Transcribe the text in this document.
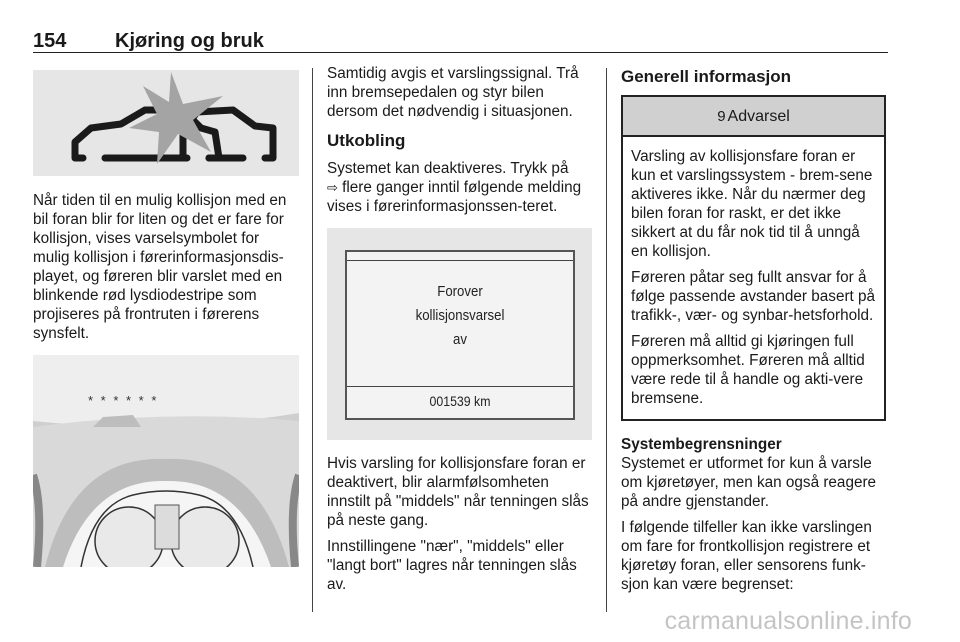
154 Kjøring og bruk

Når tiden til en mulig kollisjon med en bil foran blir for liten og det er fare for kollisjon, vises varselsymbolet for mulig kollisjon i førerinformasjonsdis-playet, og føreren blir varslet med en blinkende rød lysdiodestripe som projiseres på frontruten i førerens synsfelt.

* * * * * *

Samtidig avgis et varslingssignal. Trå inn bremsepedalen og styr bilen dersom det nødvendig i situasjonen.

Utkobling

Systemet kan deaktiveres. Trykk på
⇨ flere ganger inntil følgende melding vises i førerinformasjonssen-teret.

Forover
kollisjonsvarsel
av
001539 km

Hvis varsling for kollisjonsfare foran er deaktivert, blir alarmfølsomheten innstilt på "middels" når tenningen slås på neste gang.

Innstillingene "nær", "middels" eller "langt bort" lagres når tenningen slås av.

Generell informasjon
9 Advarsel

Varsling av kollisjonsfare foran er kun et varslingssystem - brem-sene aktiveres ikke. Når du nærmer deg bilen foran for raskt, er det ikke sikkert at du får nok tid til å unngå en kollisjon.

Føreren påtar seg fullt ansvar for å følge passende avstander basert på trafikk-, vær- og synbar-hetsforhold.

Føreren må alltid gi kjøringen full oppmerksomhet. Føreren må alltid være rede til å handle og akti-vere bremsene.

Systembegrensninger

Systemet er utformet for kun å varsle om kjøretøyer, men kan også reagere på andre gjenstander.

I følgende tilfeller kan ikke varslingen om fare for frontkollisjon registrere et kjøretøy foran, eller sensorens funk-sjon kan være begrenset:

carmanualsonline.info
